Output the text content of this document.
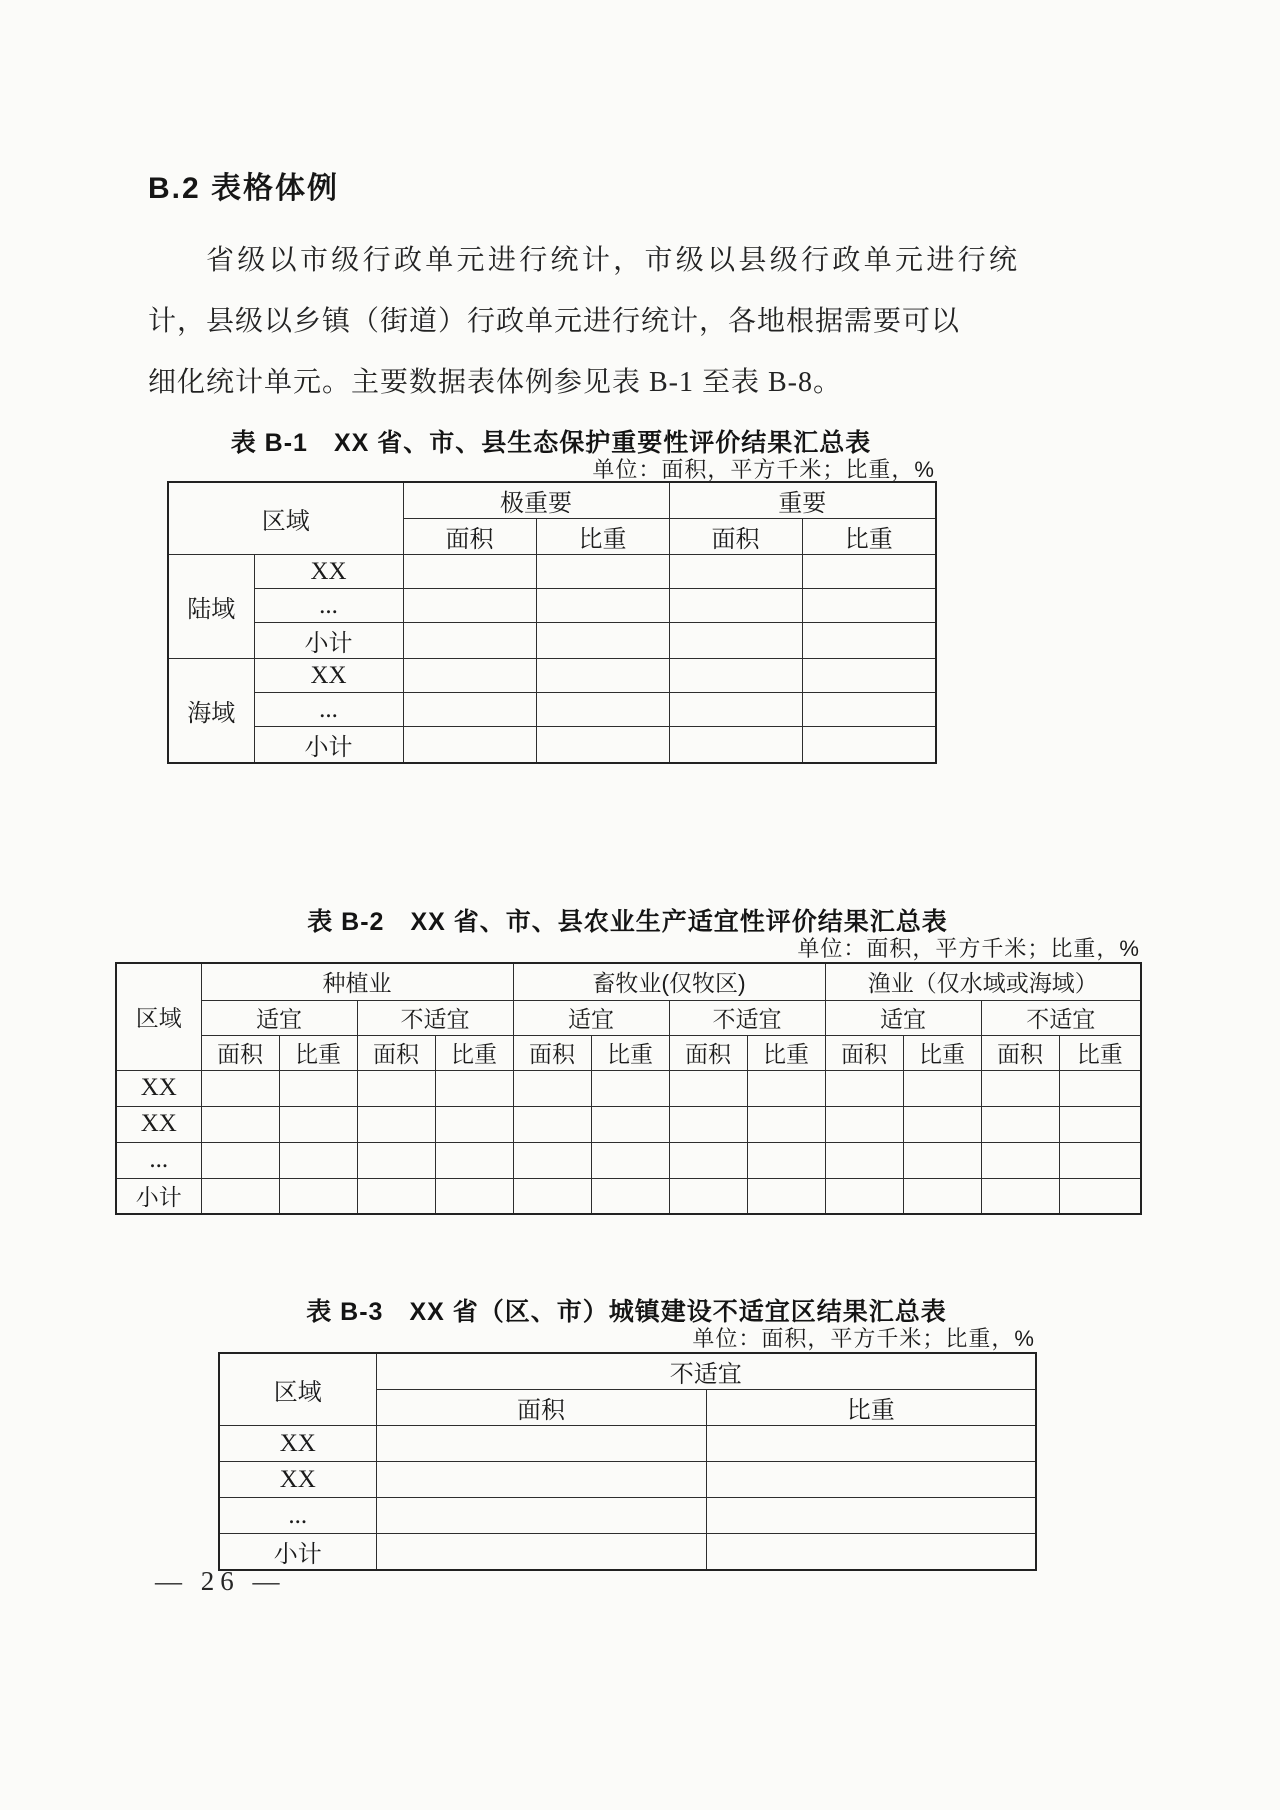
B.2 表格体例
省级以市级行政单元进行统计，市级以县级行政单元进行统
计，县级以乡镇（街道）行政单元进行统计，各地根据需要可以
细化统计单元。主要数据表体例参见表 B-1 至表 B-8。
表 B-1　XX 省、市、县生态保护重要性评价结果汇总表
单位：面积，平方千米；比重，%
区域		极重要		重要	
		面积	比重	面积	比重
陆域	XX				
	...				
	小计				
海域	XX				
	...				
	小计				
表 B-2　XX 省、市、县农业生产适宜性评价结果汇总表
单位：面积，平方千米；比重，%
区域	种植业				畜牧业(仅牧区)				渔业（仅水域或海域）			
	适宜		不适宜		适宜		不适宜		适宜		不适宜	
	面积	比重	面积	比重	面积	比重	面积	比重	面积	比重	面积	比重
XX												
XX												
...												
小计												
表 B-3　XX 省（区、市）城镇建设不适宜区结果汇总表
单位：面积，平方千米；比重，%
区域	不适宜	
	面积	比重
XX		
XX		
...		
小计		
— 26 —
